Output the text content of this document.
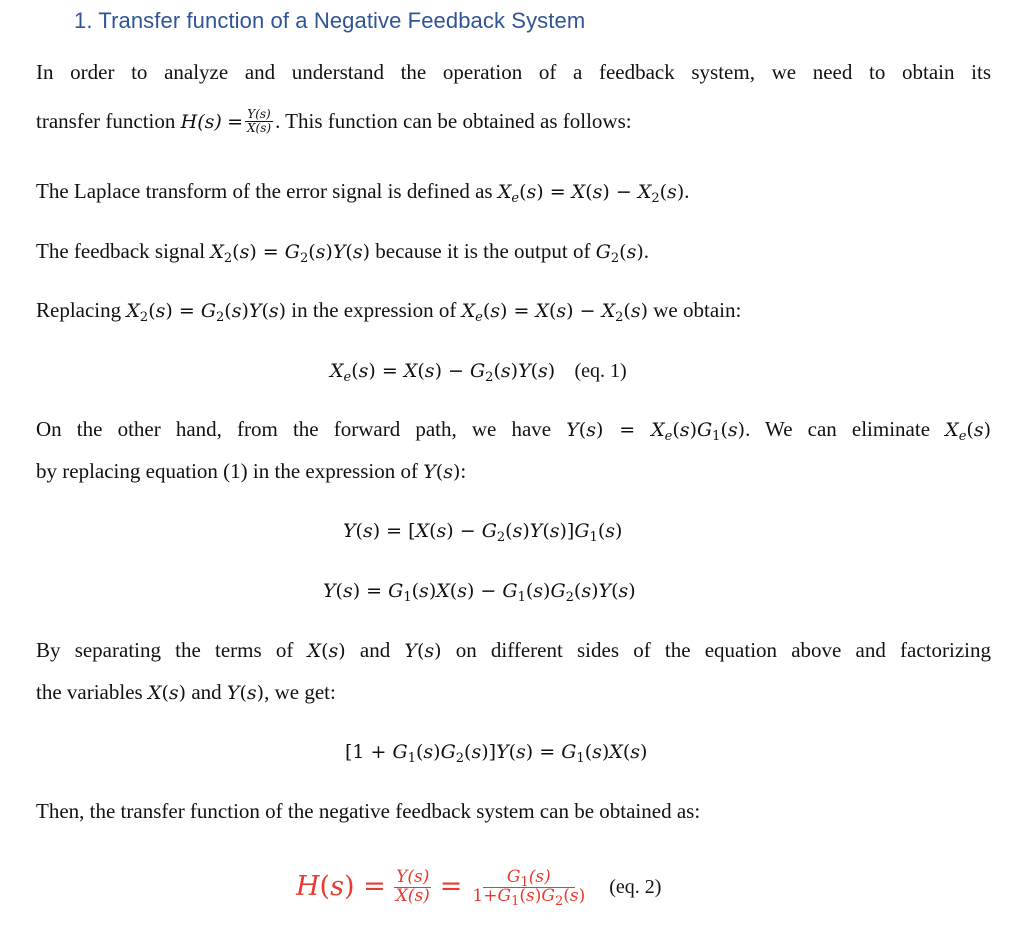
1. Transfer function of a Negative Feedback System
In order to analyze and understand the operation of a feedback system, we need to obtain its
transfer function $H(s) = \frac{Y(s)}{X(s)}$ . This function can be obtained as follows:
The Laplace transform of the error signal is defined as $X_e(s) = X(s) - X_2(s)$.
The feedback signal $X_2(s) = G_2(s)Y(s)$ because it is the output of $G_2(s)$.
Replacing $X_2(s) = G_2(s)Y(s)$ in the expression of $X_e(s) = X(s) - X_2(s)$ we obtain:
$X_e(s) = X(s) - G_2(s)Y(s)$ (eq. 1)
On the other hand, from the forward path, we have $Y(s) = X_e(s)G_1(s)$. We can eliminate $X_e(s)$
by replacing equation (1) in the expression of Y(s):
$Y(s) = [X(s) - G_2(s)Y(s)]G_1(s)$
$Y(s) = G_1(s)X(s) - G_1(s)G_2(s)Y(s)$
By separating the terms of X(s) and Y(s) on different sides of the equation above and factorizing
the variables X(s) and Y(s), we get:
$[1 + G_1(s)G_2(s)]Y(s) = G_1(s)X(s)$
Then, the transfer function of the negative feedback system can be obtained as:
$H(s) = \frac{Y(s)}{X(s)} = \frac{G_1(s)}{1+G_1(s)G_2(s)} (eq$. 2)
